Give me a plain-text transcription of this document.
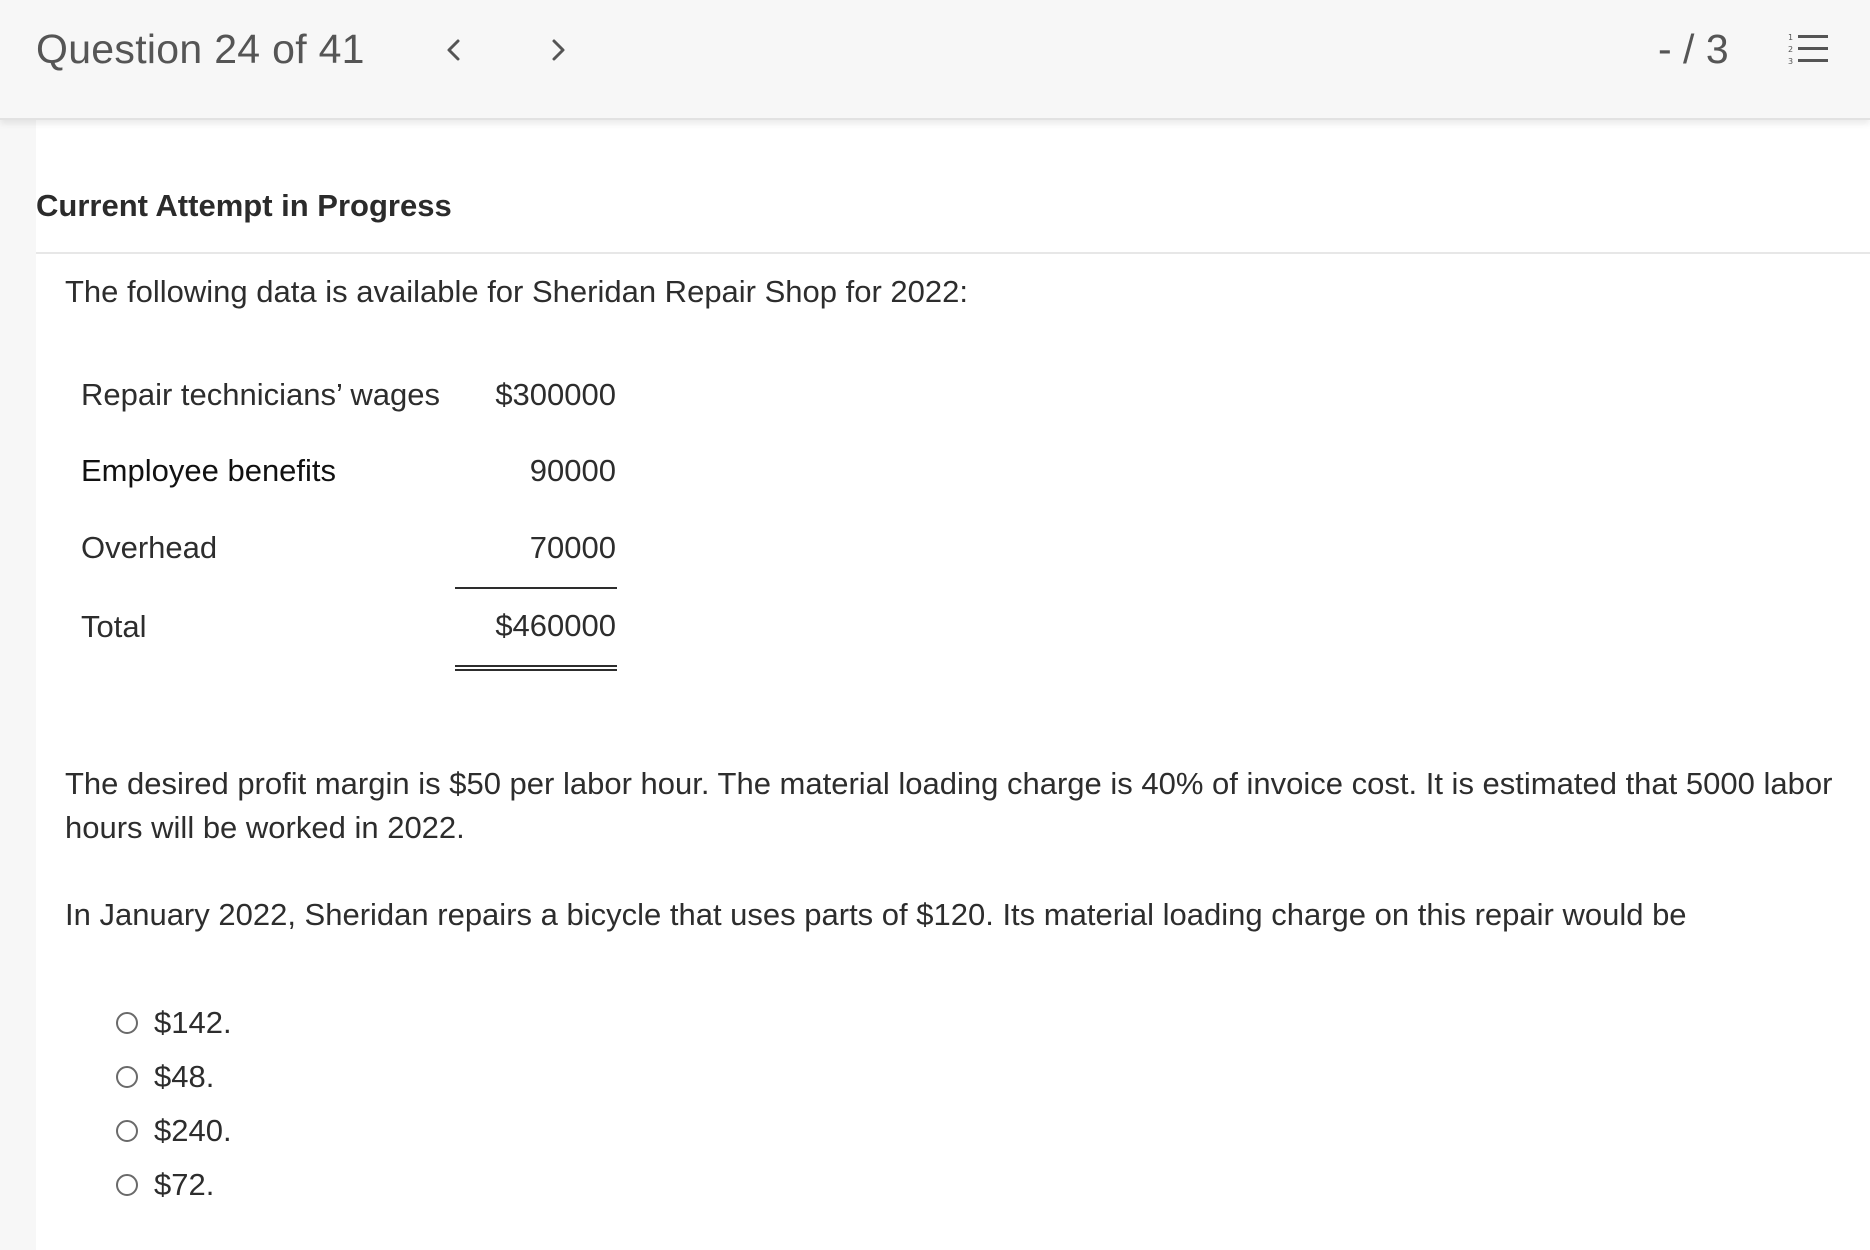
Question 24 of 41	- / 3	1
2
3
Current Attempt in Progress
The following data is available for Sheridan Repair Shop for 2022:
Repair technicians’ wages $300000
Employee benefits	90000
Overhead	70000
Total	$460000
The desired profit margin is $50 per labor hour. The material loading charge is 40% of invoice cost. It is estimated that 5000 labor hours will be worked in 2022.
In January 2022, Sheridan repairs a bicycle that uses parts of $120. Its material loading charge on this repair would be
$142.
$48.
$240.
$72.
